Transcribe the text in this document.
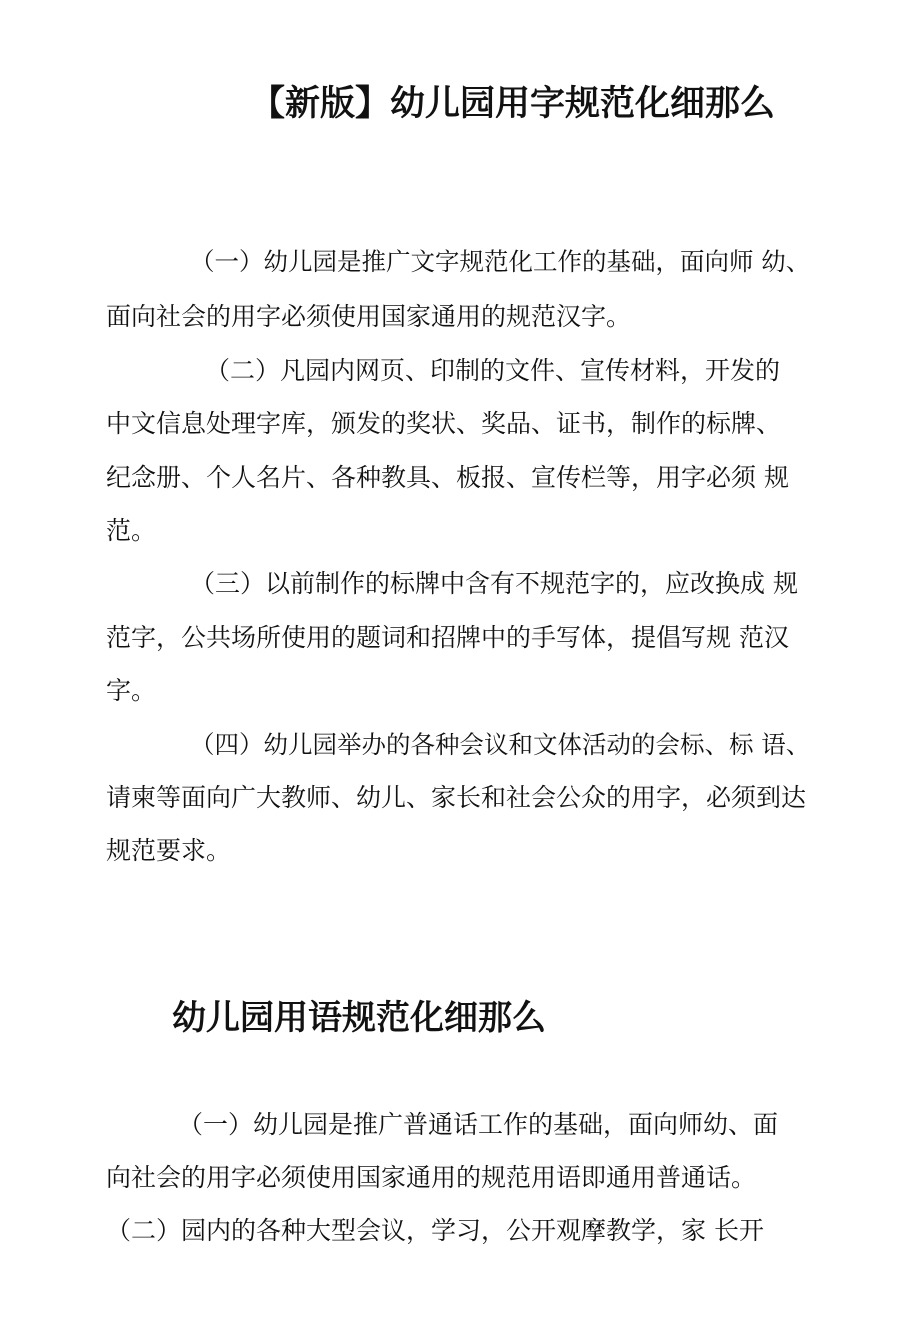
【新版】幼儿园用字规范化细那么

（一）幼儿园是推广文字规范化工作的基础，面向师 幼、

面向社会的用字必须使用国家通用的规范汉字。

（二）凡园内网页、印制的文件、宣传材料，开发的

中文信息处理字库，颁发的奖状、奖品、证书，制作的标牌、

纪念册、个人名片、各种教具、板报、宣传栏等，用字必须 规

范。

（三）以前制作的标牌中含有不规范字的，应改换成 规

范字，公共场所使用的题词和招牌中的手写体，提倡写规 范汉

字。

（四）幼儿园举办的各种会议和文体活动的会标、标 语、

请柬等面向广大教师、幼儿、家长和社会公众的用字，必须到达

规范要求。

幼儿园用语规范化细那么

（一）幼儿园是推广普通话工作的基础，面向师幼、面

向社会的用字必须使用国家通用的规范用语即通用普通话。

（二）园内的各种大型会议，学习，公开观摩教学，家 长开
